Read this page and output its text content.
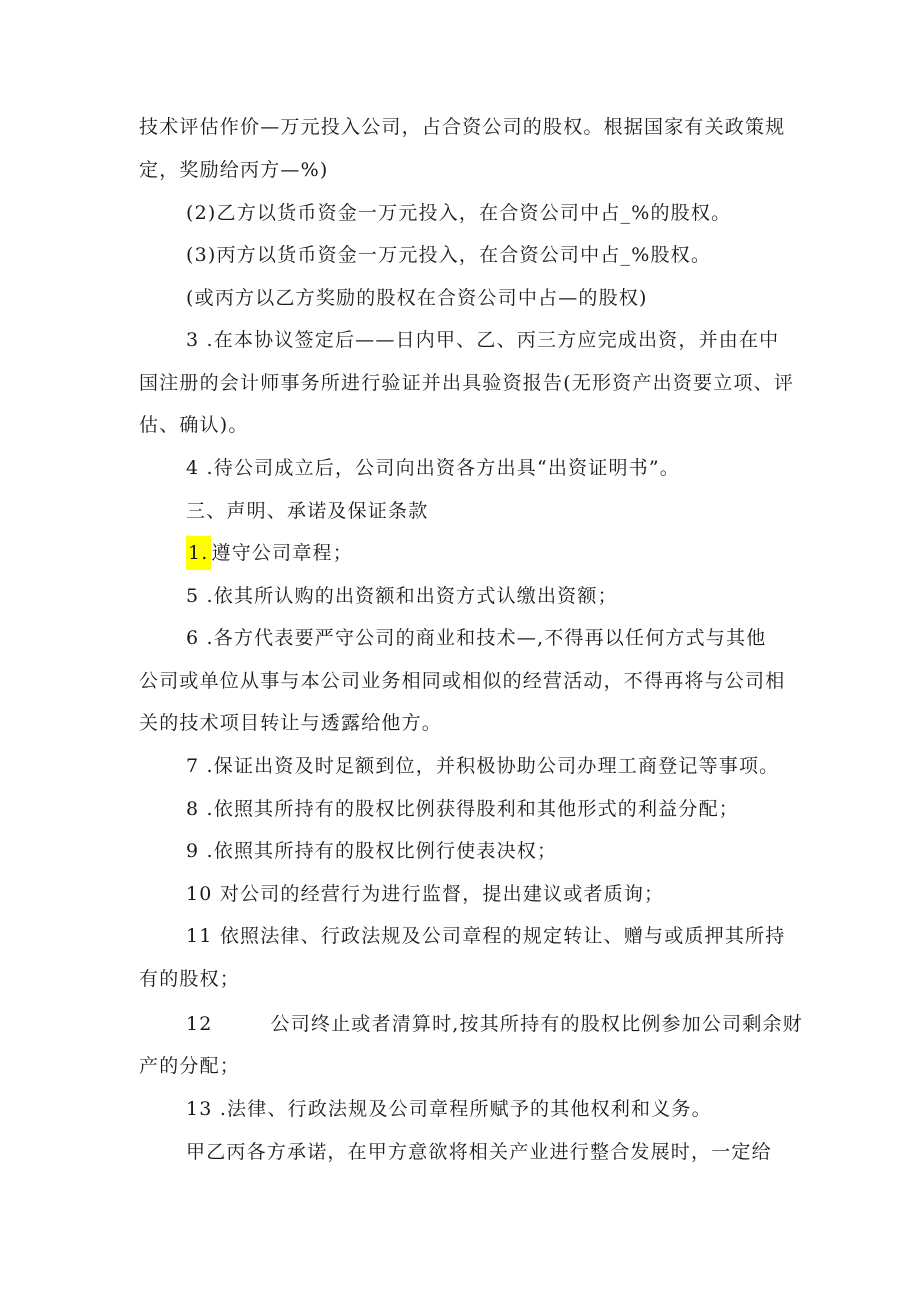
技术评估作价—万元投入公司，占合资公司的股权。根据国家有关政策规
定，奖励给丙方—%)
(2)乙方以货币资金一万元投入，在合资公司中占_%的股权。
(3)丙方以货币资金一万元投入，在合资公司中占_%股权。
(或丙方以乙方奖励的股权在合资公司中占—的股权)
3 .在本协议签定后——日内甲、乙、丙三方应完成出资，并由在中
国注册的会计师事务所进行验证并出具验资报告(无形资产出资要立项、评
估、确认)。
4 .待公司成立后，公司向出资各方出具“出资证明书”。
三、声明、承诺及保证条款
1. 遵守公司章程；
5 .依其所认购的出资额和出资方式认缴出资额；
6 .各方代表要严守公司的商业和技术—,不得再以任何方式与其他
公司或单位从事与本公司业务相同或相似的经营活动，不得再将与公司相
关的技术项目转让与透露给他方。
7 .保证出资及时足额到位，并积极协助公司办理工商登记等事项。
8 .依照其所持有的股权比例获得股利和其他形式的利益分配；
9 .依照其所持有的股权比例行使表决权；
10 对公司的经营行为进行监督，提出建议或者质询；
11 依照法律、行政法规及公司章程的规定转让、赠与或质押其所持
有的股权；
12        公司终止或者清算时,按其所持有的股权比例参加公司剩余财
产的分配；
13 .法律、行政法规及公司章程所赋予的其他权利和义务。
甲乙丙各方承诺，在甲方意欲将相关产业进行整合发展时，一定给
